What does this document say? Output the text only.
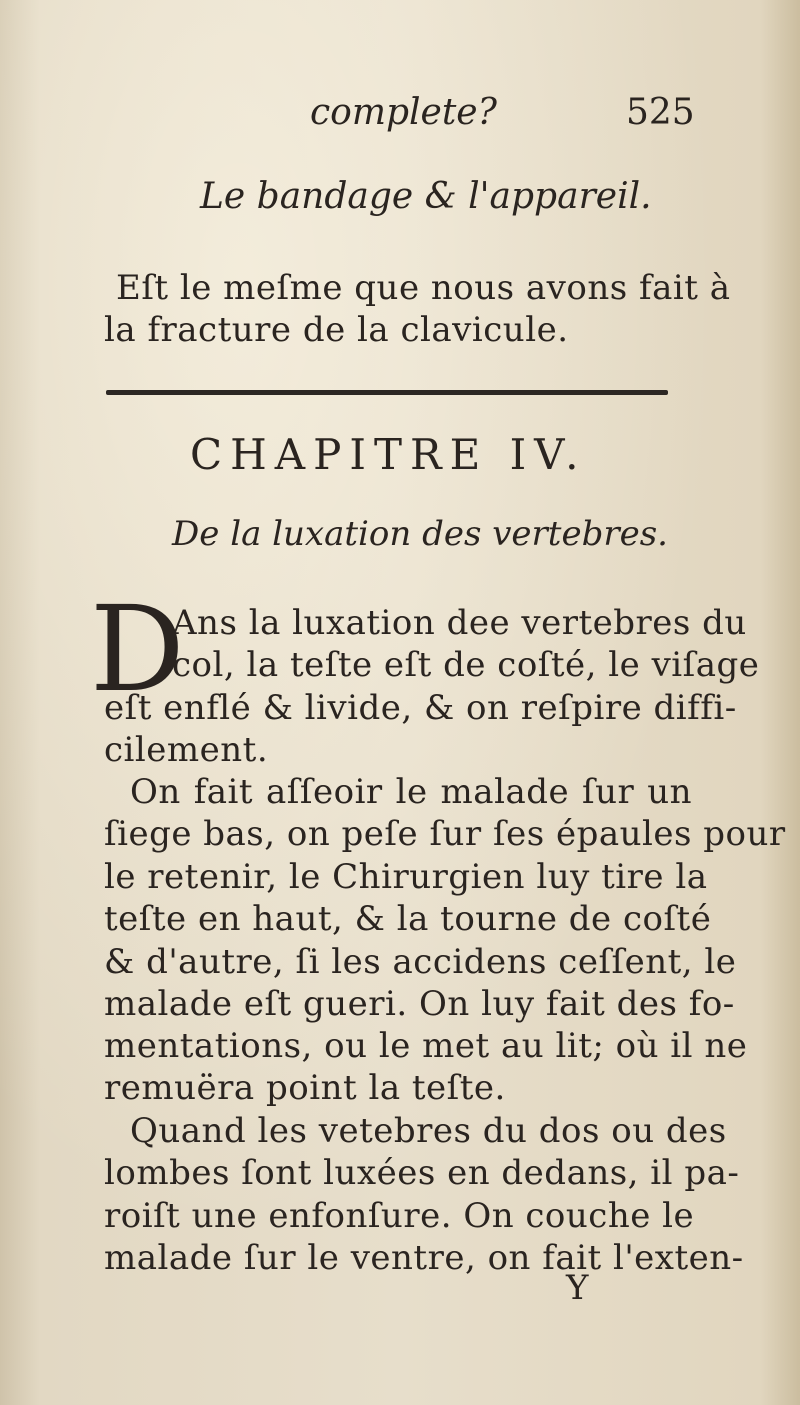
complete?	525
Le bandage & l'appareil.
Eſt le meſme que nous avons fait à
la fracture de la clavicule.
CHAPITRE IV.
De la luxation des vertebres.
D
Ans la luxation dee vertebres du
col, la teſte eſt de coſté, le viſage
eſt enflé & livide, & on reſpire diffi-
cilement.
On fait aſſeoir le malade ſur un
ſiege bas, on peſe ſur ſes épaules pour
le retenir, le Chirurgien luy tire la
teſte en haut, & la tourne de coſté
& d'autre, ſi les accidens ceſſent, le
malade eſt gueri. On luy fait des fo-
mentations, ou le met au lit; où il ne
remuëra point la teſte.
Quand les vetebres du dos ou des
lombes ſont luxées en dedans, il pa-
roiſt une enfonſure. On couche le
malade ſur le ventre, on fait l'exten-
Y
